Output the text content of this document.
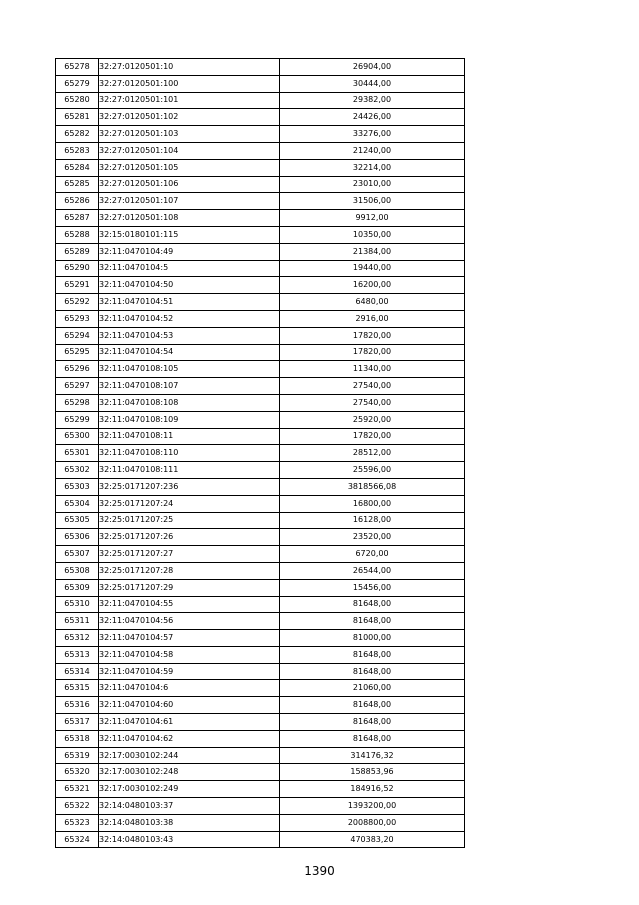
65278	32:27:0120501:10	26904,00
65279	32:27:0120501:100	30444,00
65280	32:27:0120501:101	29382,00
65281	32:27:0120501:102	24426,00
65282	32:27:0120501:103	33276,00
65283	32:27:0120501:104	21240,00
65284	32:27:0120501:105	32214,00
65285	32:27:0120501:106	23010,00
65286	32:27:0120501:107	31506,00
65287	32:27:0120501:108	9912,00
65288	32:15:0180101:115	10350,00
65289	32:11:0470104:49	21384,00
65290	32:11:0470104:5	19440,00
65291	32:11:0470104:50	16200,00
65292	32:11:0470104:51	6480,00
65293	32:11:0470104:52	2916,00
65294	32:11:0470104:53	17820,00
65295	32:11:0470104:54	17820,00
65296	32:11:0470108:105	11340,00
65297	32:11:0470108:107	27540,00
65298	32:11:0470108:108	27540,00
65299	32:11:0470108:109	25920,00
65300	32:11:0470108:11	17820,00
65301	32:11:0470108:110	28512,00
65302	32:11:0470108:111	25596,00
65303	32:25:0171207:236	3818566,08
65304	32:25:0171207:24	16800,00
65305	32:25:0171207:25	16128,00
65306	32:25:0171207:26	23520,00
65307	32:25:0171207:27	6720,00
65308	32:25:0171207:28	26544,00
65309	32:25:0171207:29	15456,00
65310	32:11:0470104:55	81648,00
65311	32:11:0470104:56	81648,00
65312	32:11:0470104:57	81000,00
65313	32:11:0470104:58	81648,00
65314	32:11:0470104:59	81648,00
65315	32:11:0470104:6	21060,00
65316	32:11:0470104:60	81648,00
65317	32:11:0470104:61	81648,00
65318	32:11:0470104:62	81648,00
65319	32:17:0030102:244	314176,32
65320	32:17:0030102:248	158853,96
65321	32:17:0030102:249	184916,52
65322	32:14:0480103:37	1393200,00
65323	32:14:0480103:38	2008800,00
65324	32:14:0480103:43	470383,20
1390
